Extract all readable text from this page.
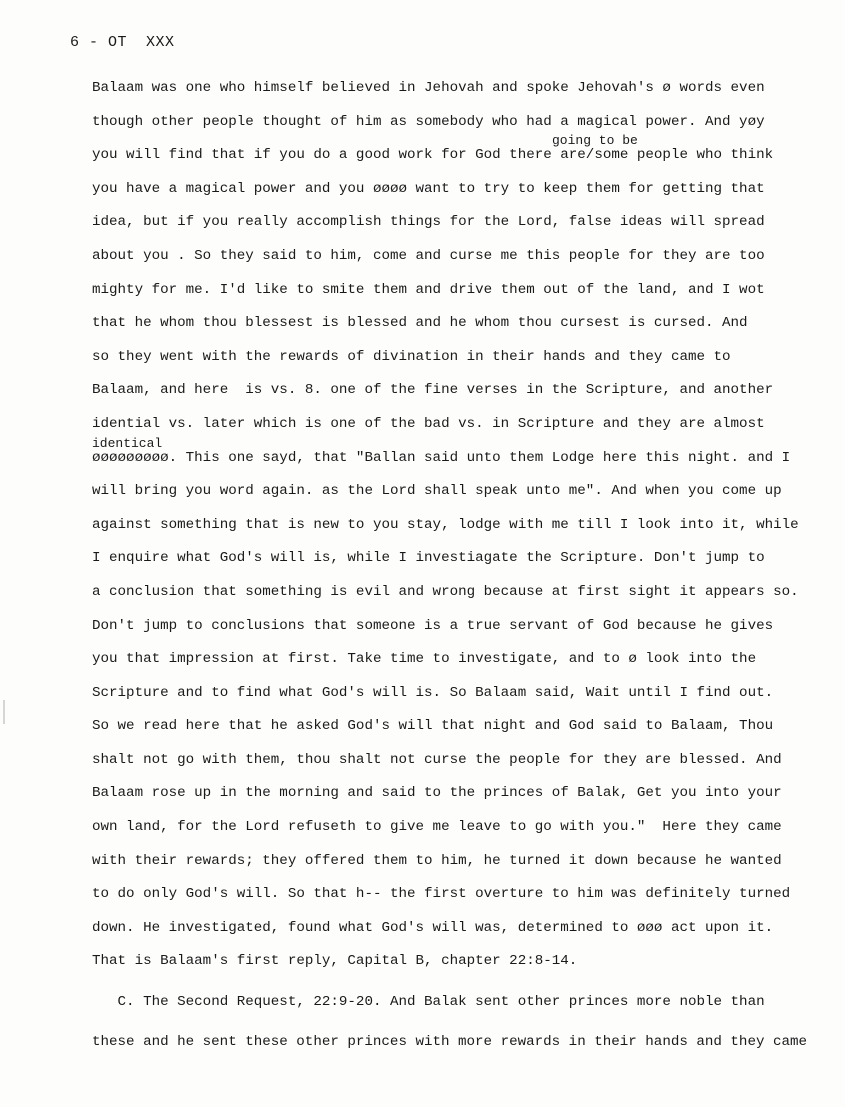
6 - OT  XXX
going to be
identical
Balaam was one who himself believed in Jehovah and spoke Jehovah's ø words even
though other people thought of him as somebody who had a magical power. And yøy
you will find that if you do a good work for God there are/some people who think
you have a magical power and you øøøø want to try to keep them for getting that
idea, but if you really accomplish things for the Lord, false ideas will spread
about you . So they said to him, come and curse me this people for they are too
mighty for me. I'd like to smite them and drive them out of the land, and I wot
that he whom thou blessest is blessed and he whom thou cursest is cursed. And
so they went with the rewards of divination in their hands and they came to
Balaam, and here  is vs. 8. one of the fine verses in the Scripture, and another
idential vs. later which is one of the bad vs. in Scripture and they are almost
øøøøøøøøø. This one sayd, that "Ballan said unto them Lodge here this night. and I
will bring you word again. as the Lord shall speak unto me". And when you come up
against something that is new to you stay, lodge with me till I look into it, while
I enquire what God's will is, while I investiagate the Scripture. Don't jump to
a conclusion that something is evil and wrong because at first sight it appears so.
Don't jump to conclusions that someone is a true servant of God because he gives
you that impression at first. Take time to investigate, and to ø look into the
Scripture and to find what God's will is. So Balaam said, Wait until I find out.
So we read here that he asked God's will that night and God said to Balaam, Thou
shalt not go with them, thou shalt not curse the people for they are blessed. And
Balaam rose up in the morning and said to the princes of Balak, Get you into your
own land, for the Lord refuseth to give me leave to go with you."  Here they came
with their rewards; they offered them to him, he turned it down because he wanted
to do only God's will. So that h-- the first overture to him was definitely turned
down. He investigated, found what God's will was, determined to øøø act upon it.
That is Balaam's first reply, Capital B, chapter 22:8-14.
C. The Second Request, 22:9-20. And Balak sent other princes more noble than
these and he sent these other princes with more rewards in their hands and they came
